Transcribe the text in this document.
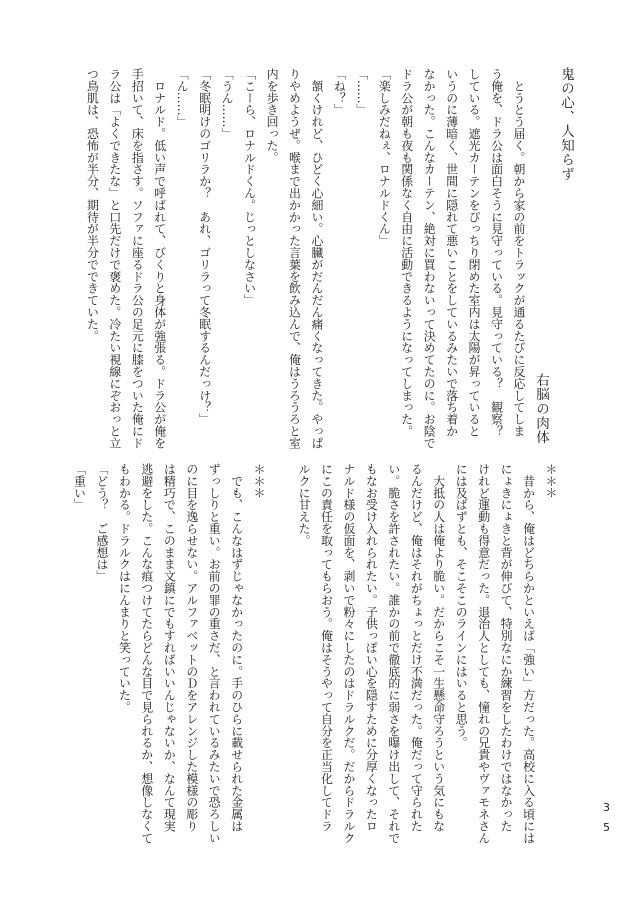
鬼の心、人知らず
右脳の肉体
　とうとう届く。朝から家の前をトラックが通るたびに反応してしま
う俺を、ドラ公は面白そうに見守っている。見守っている？　観察？
している。遮光カーテンをぴっちり閉めた室内は太陽が昇っていると
いうのに薄暗く、世間に隠れて悪いことをしているみたいで落ち着か
なかった。こんなカーテン、絶対に買わないって決めてたのに。お陰で
ドラ公が朝も夜も関係なく自由に活動できるようになってしまった。
「楽しみだねぇ、ロナルドくん」
「……」
「ね？」
　頷くけれど、ひどく心細い。心臓がだんだん痛くなってきた。やっぱ
りやめようぜ。喉まで出かかった言葉を飲み込んで、俺はうろうろと室
内を歩き回った。
「こーら、ロナルドくん。じっとしなさい」
「うん……」
「冬眠明けのゴリラか？　あれ、ゴリラって冬眠するんだっけ？」
「ん……」
　ロナルド。低い声で呼ばれて、びくりと身体が強張る。ドラ公が俺を
手招いて、床を指さす。ソファに座るドラ公の足元に膝をついた俺にド
ラ公は「よくできたな」と口先だけで褒めた。冷たい視線にぞおっと立
つ鳥肌は、恐怖が半分、期待が半分でできていた。
＊＊＊
　昔から、俺はどちらかといえば「強い」方だった。高校に入る頃には
にょきにょきと背が伸びて、特別なにか練習をしたわけではなかった
けれど運動も得意だった。退治人としても、憧れの兄貴やヴァモネさん
には及ばずとも、そこそこのラインにはいると思う。
　大抵の人は俺より脆い。だからこそ一生懸命守ろうという気にもな
るんだけど、俺はそれがちょっとだけ不満だった。俺だって守られた
い。脆さを許されたい。誰かの前で徹底的に弱さを曝け出して、それで
もなお受け入れられたい。子供っぽい心を隠すために分厚くなったロ
ナルド様の仮面を、剥いで粉々にしたのはドラルクだ。だからドラルク
にこの責任を取ってもらおう。俺はそうやって自分を正当化してドラ
ルクに甘えた。
＊＊＊
　でも、こんなはずじゃなかったのに。手のひらに載せられた金属は
ずっしりと重い。お前の罪の重さだ、と言われているみたいで恐ろしい
のに目を逸らせない。アルファベットのＤをアレンジした模様の彫り
は精巧で、このまま文鎮にでもすればいいんじゃないか、なんて現実
逃避をした。こんな痕つけてたらどんな目で見られるか、想像しなくて
もわかる。ドラルクはにんまりと笑っていた。
「どう？　ご感想は」
「重い」
35
